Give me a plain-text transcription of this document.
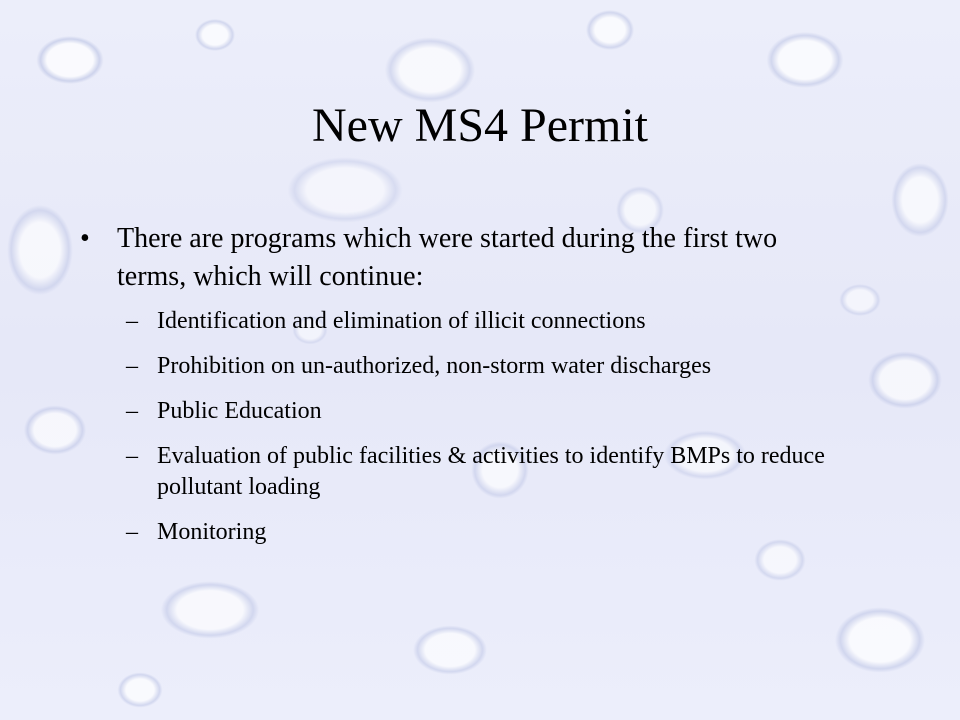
New MS4 Permit
• There are programs which were started during the first two terms, which will continue:
– Identification and elimination of illicit connections
– Prohibition on un-authorized, non-storm water discharges
– Public Education
– Evaluation of public facilities & activities to identify BMPs to reduce pollutant loading
– Monitoring
